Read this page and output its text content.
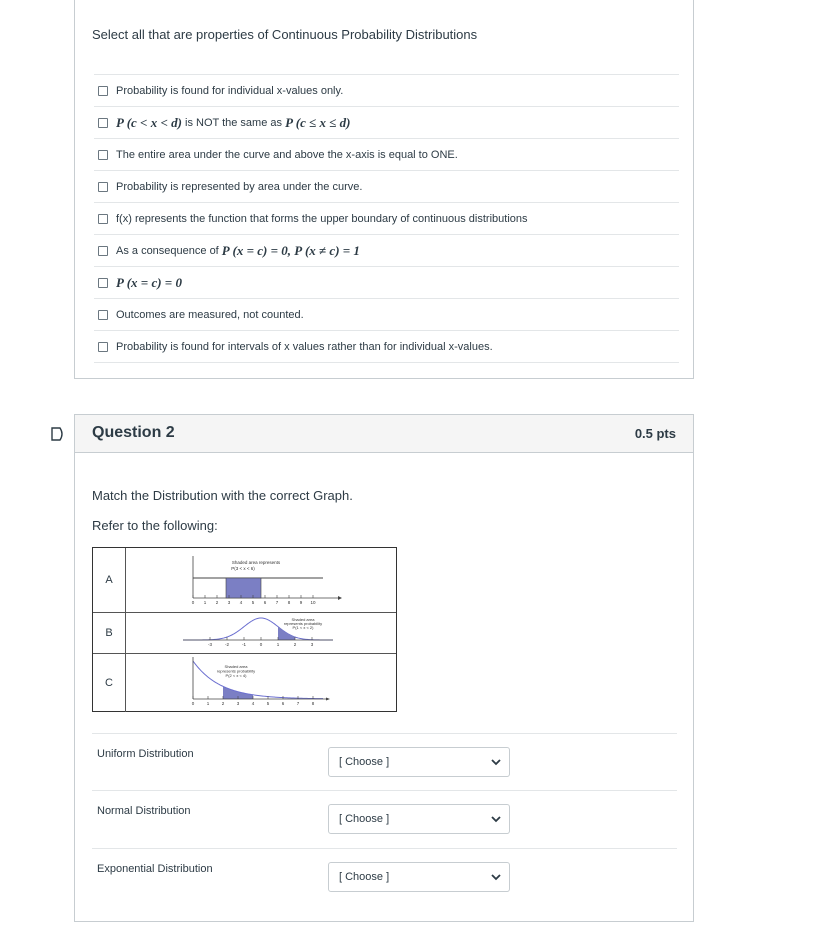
Select all that are properties of Continuous Probability Distributions
Probability is found for individual x-values only.
P (c < x < d) is NOT the same as P (c ≤ x ≤ d)
The entire area under the curve and above the x-axis is equal to ONE.
Probability is represented by area under the curve.
f(x) represents the function that forms the upper boundary of continuous distributions
As a consequence of P (x = c) = 0, P (x ≠ c) = 1
P (x = c) = 0
Outcomes are measured, not counted.
Probability is found for intervals of x values rather than for individual x-values.
Question 2	0.5 pts
Match the Distribution with the correct Graph.
Refer to the following:
A
Shaded area represents
P(3 < x < 6)
0 1 2 3 4 5 6 7 8 9 10
B
Shaded area
represents probability
P(1 < x < 2)
-3	-2	-1	0	1	2	3
C
Shaded area
represents probability
P(2 < x < 4)
0	1	2	3	4	5	6	7	8
Uniform Distribution
[ Choose ]
Normal Distribution
[ Choose ]
Exponential Distribution
[ Choose ]
